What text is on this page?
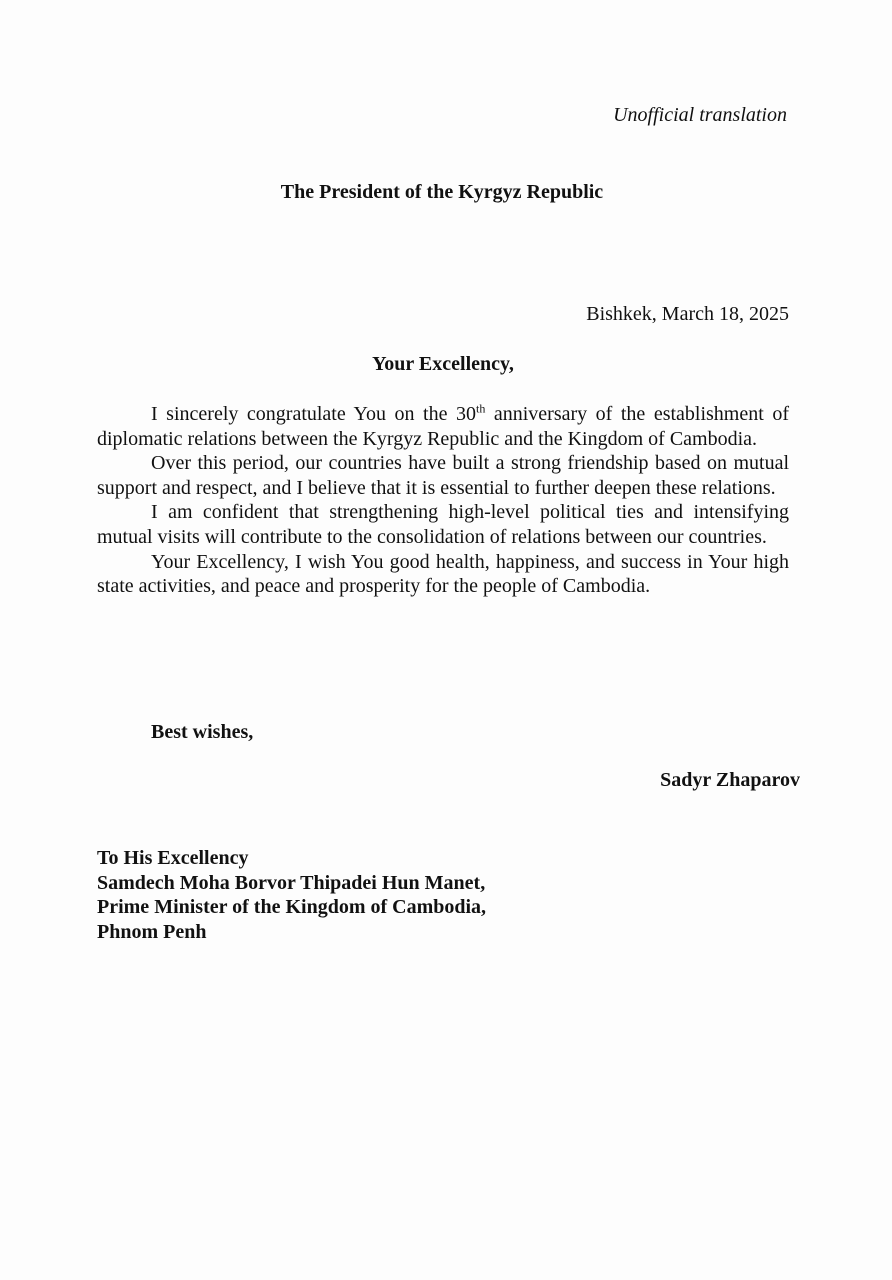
Unofficial translation
The President of the Kyrgyz Republic
Bishkek, March 18, 2025
Your Excellency,

I sincerely congratulate You on the 30th anniversary of the establishment of diplomatic relations between the Kyrgyz Republic and the Kingdom of Cambodia.

Over this period, our countries have built a strong friendship based on mutual support and respect, and I believe that it is essential to further deepen these relations.

I am confident that strengthening high-level political ties and intensifying mutual visits will contribute to the consolidation of relations between our countries.

Your Excellency, I wish You good health, happiness, and success in Your high state activities, and peace and prosperity for the people of Cambodia.

Best wishes,
Sadyr Zhaparov
To His Excellency
Samdech Moha Borvor Thipadei Hun Manet,
Prime Minister of the Kingdom of Cambodia,
Phnom Penh
